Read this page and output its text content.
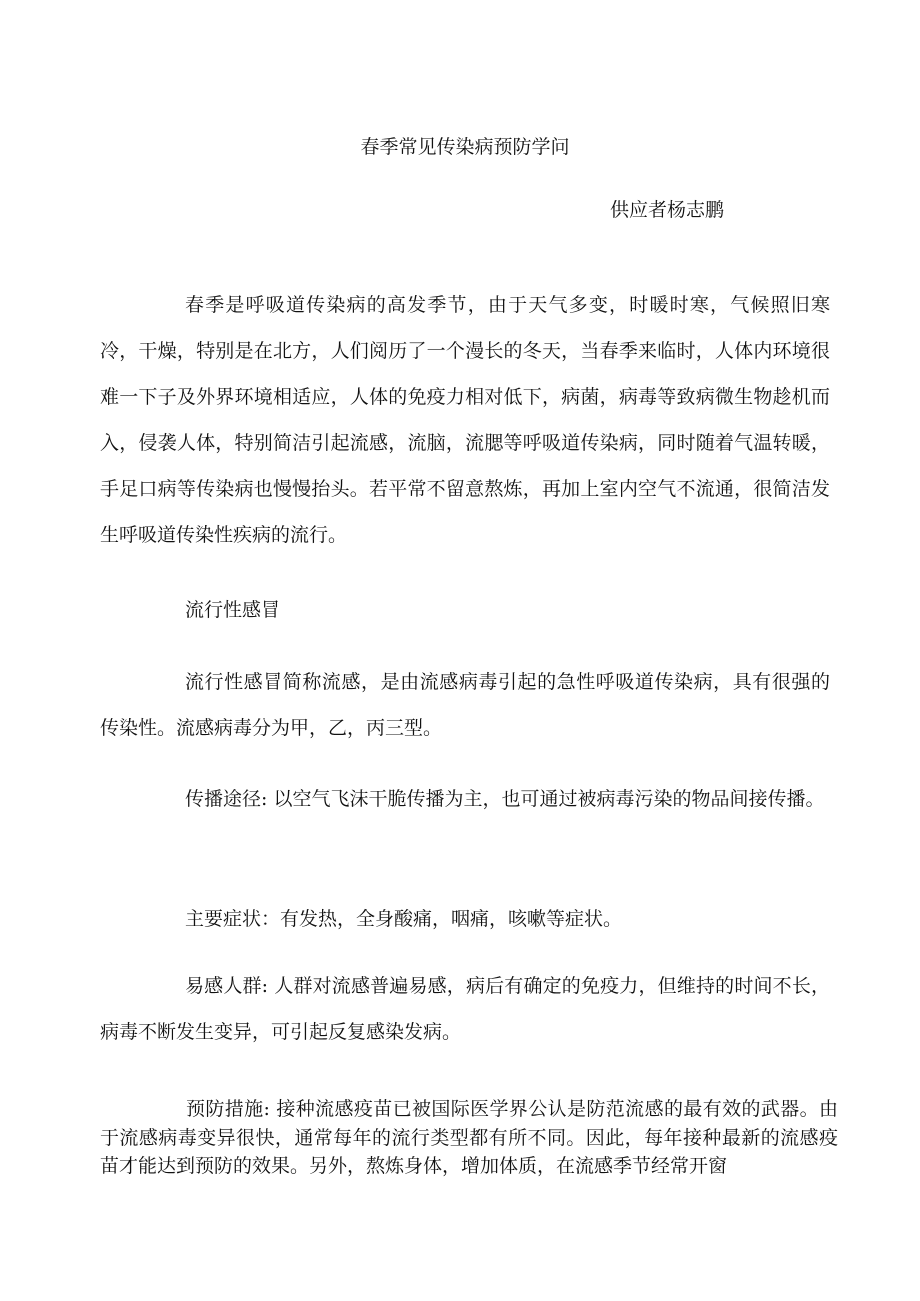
春季常见传染病预防学问

供应者杨志鹏

春季是呼吸道传染病的高发季节，由于天气多变，时暖时寒，气候照旧寒冷，干燥，特别是在北方，人们阅历了一个漫长的冬天，当春季来临时，人体内环境很难一下子及外界环境相适应，人体的免疫力相对低下，病菌，病毒等致病微生物趁机而入，侵袭人体，特别简洁引起流感，流脑，流腮等呼吸道传染病，同时随着气温转暖，手足口病等传染病也慢慢抬头。若平常不留意熬炼，再加上室内空气不流通，很简洁发生呼吸道传染性疾病的流行。

流行性感冒

流行性感冒简称流感，是由流感病毒引起的急性呼吸道传染病，具有很强的传染性。流感病毒分为甲，乙，丙三型。

传播途径: 以空气飞沫干脆传播为主，也可通过被病毒污染的物品间接传播。

主要症状：有发热，全身酸痛，咽痛，咳嗽等症状。

易感人群: 人群对流感普遍易感，病后有确定的免疫力，但维持的时间不长，病毒不断发生变异，可引起反复感染发病。

预防措施: 接种流感疫苗已被国际医学界公认是防范流感的最有效的武器。由于流感病毒变异很快，通常每年的流行类型都有所不同。因此，每年接种最新的流感疫苗才能达到预防的效果。另外，熬炼身体，增加体质，在流感季节经常开窗
